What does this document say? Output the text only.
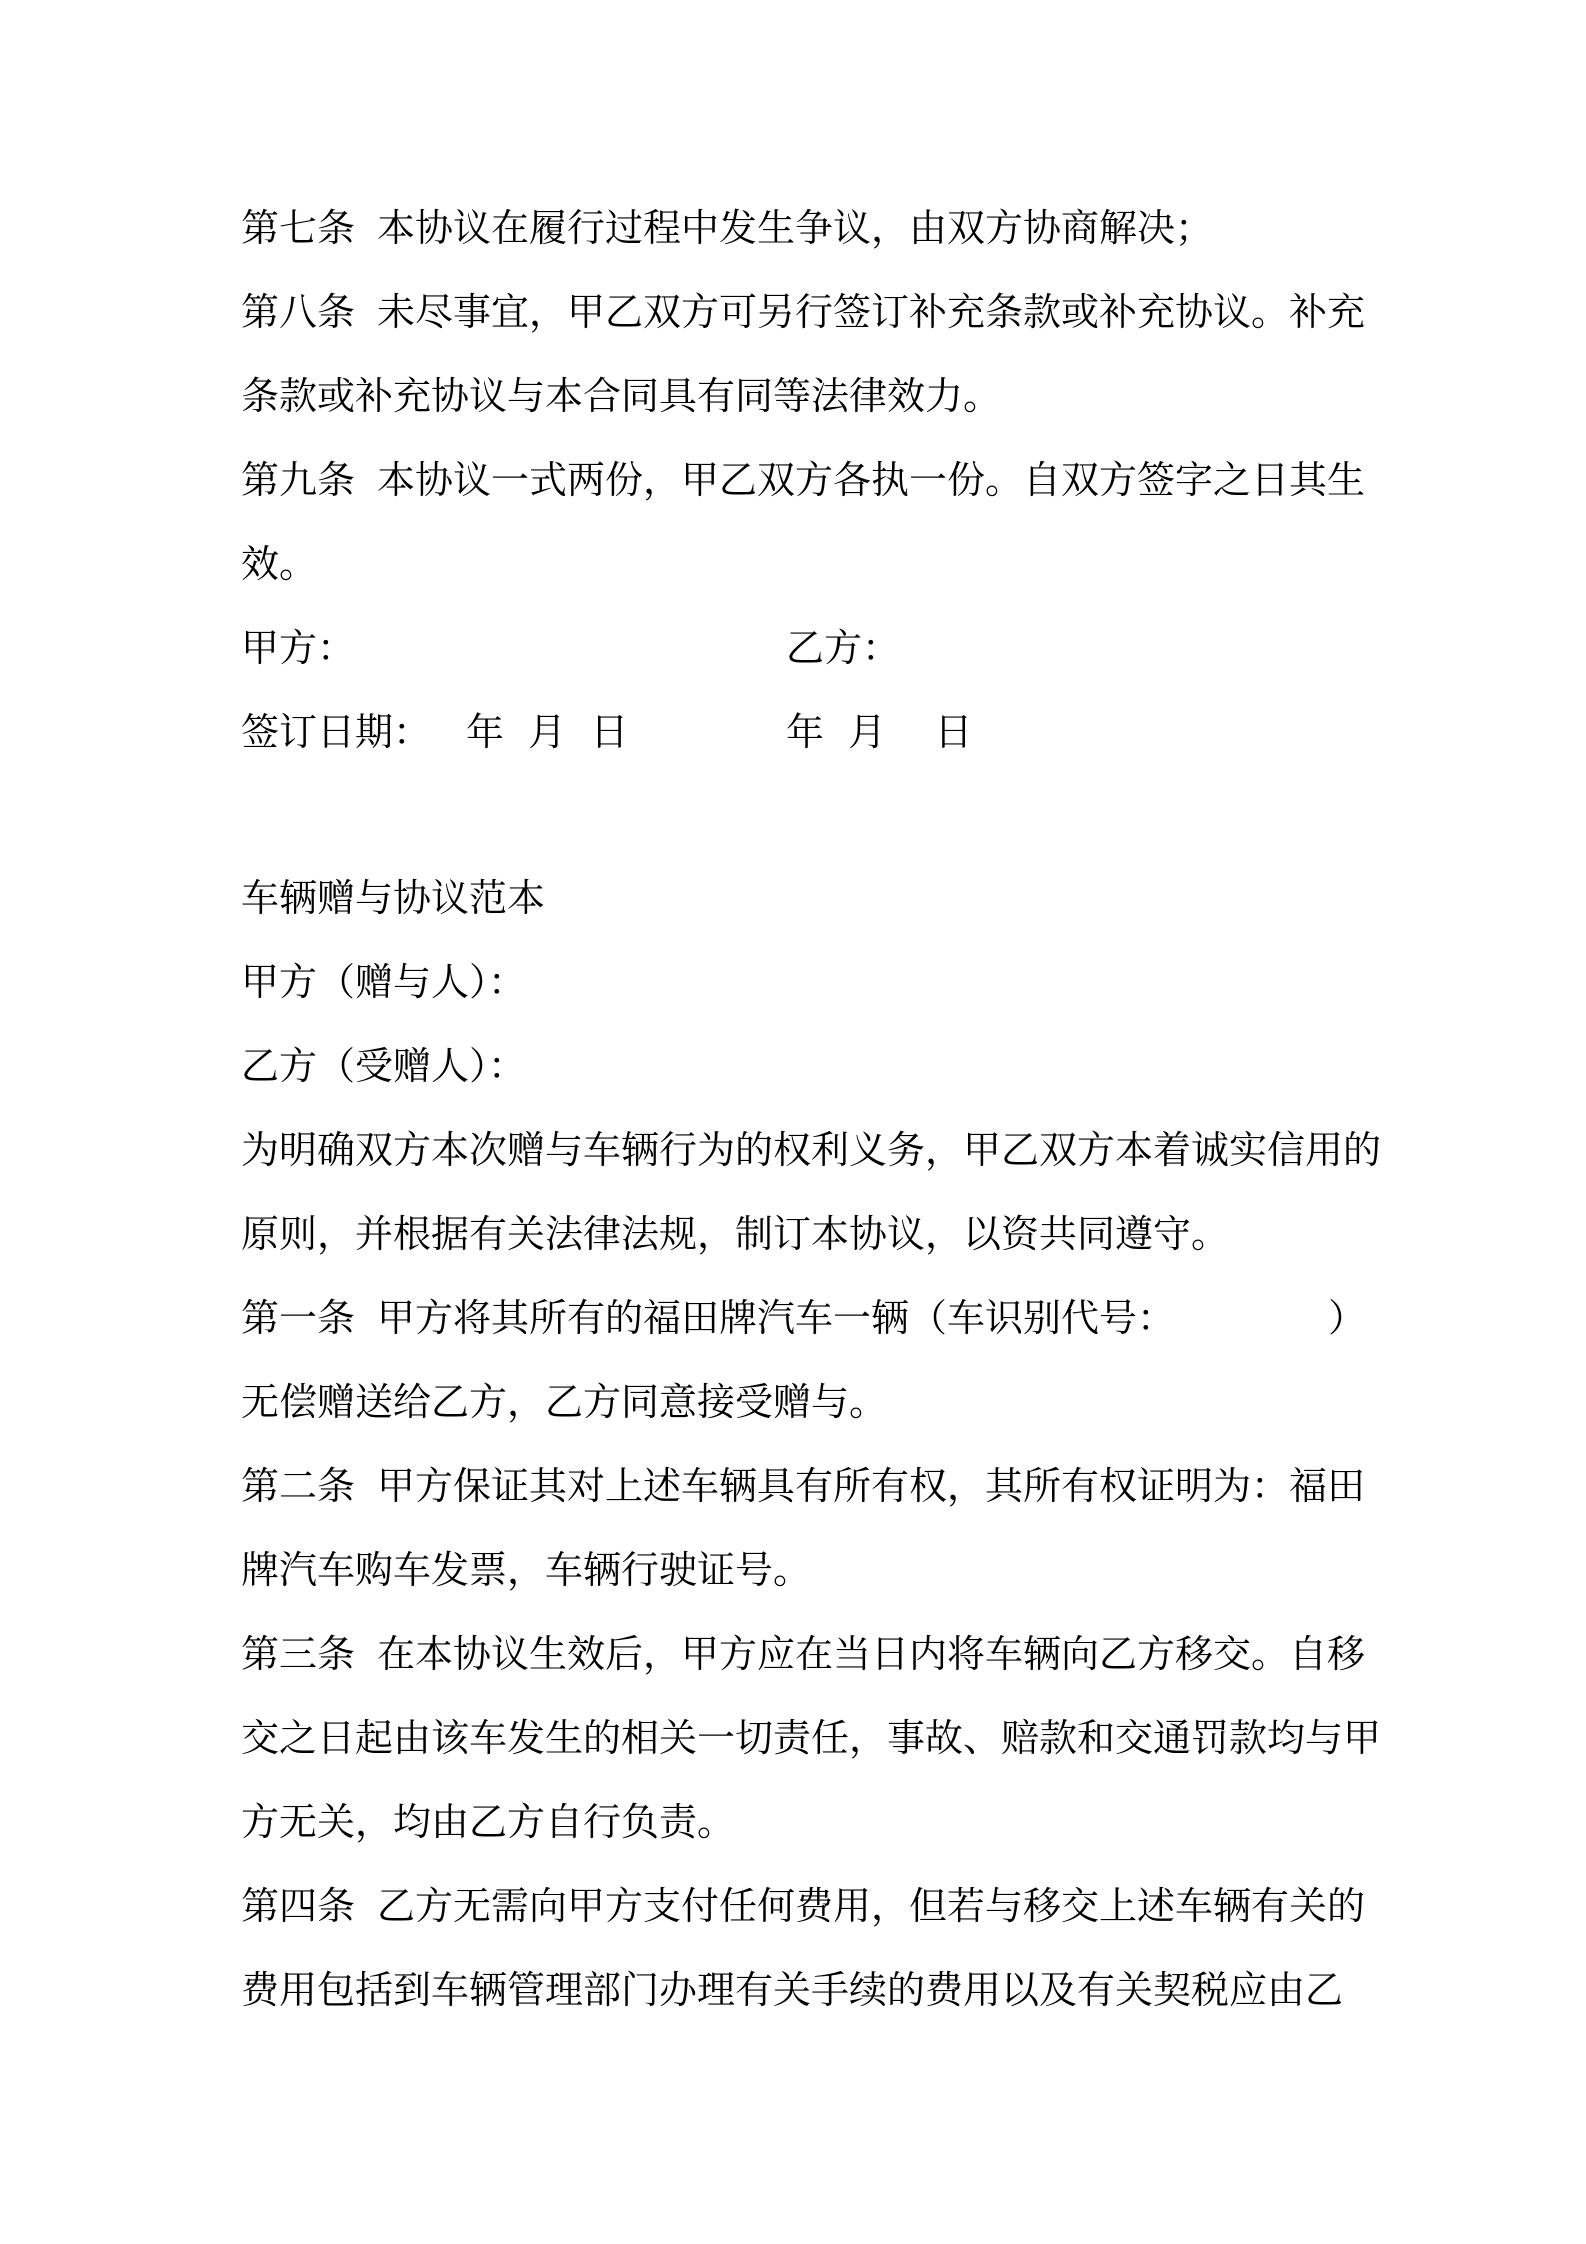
第七条 本协议在履行过程中发生争议，由双方协商解决；
第八条 未尽事宜，甲乙双方可另行签订补充条款或补充协议。补充
条款或补充协议与本合同具有同等法律效力。
第九条 本协议一式两份，甲乙双方各执一份。自双方签字之日其生
效。
甲方：	乙方：
签订日期： 年  月  日	年  月    日
车辆赠与协议范本
甲方（赠与人）：
乙方（受赠人）：
为明确双方本次赠与车辆行为的权利义务，甲乙双方本着诚实信用的
原则，并根据有关法律法规，制订本协议，以资共同遵守。
第一条 甲方将其所有的福田牌汽车一辆（车识别代号：	）
无偿赠送给乙方，乙方同意接受赠与。
第二条 甲方保证其对上述车辆具有所有权，其所有权证明为：福田
牌汽车购车发票，车辆行驶证号。
第三条 在本协议生效后，甲方应在当日内将车辆向乙方移交。自移
交之日起由该车发生的相关一切责任，事故、赔款和交通罚款均与甲
方无关，均由乙方自行负责。
第四条 乙方无需向甲方支付任何费用，但若与移交上述车辆有关的
费用包括到车辆管理部门办理有关手续的费用以及有关契税应由乙
